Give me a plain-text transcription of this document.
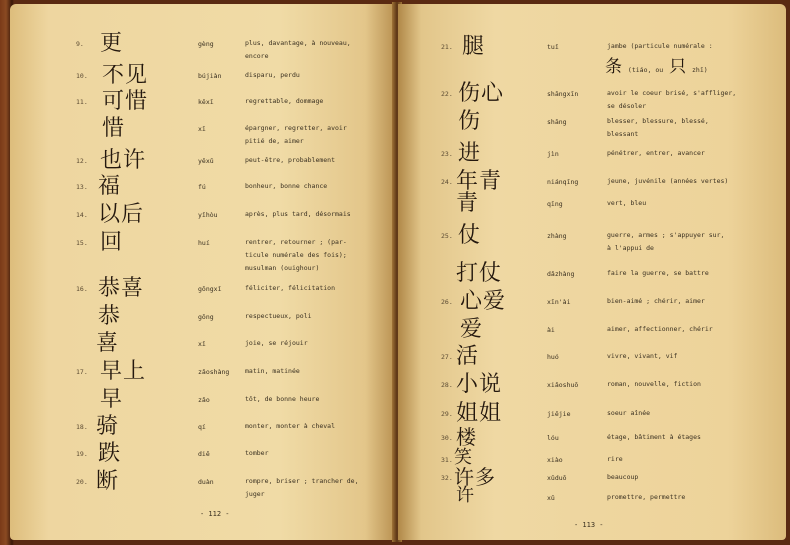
- 112 -
9. 更	gèng	plus, davantage, à nouveau,
encore
10. 不见	bújiàn	disparu, perdu
11. 可惜	kěxī	regrettable, dommage
惜	xī	épargner, regretter, avoir
pitié de, aimer
12. 也许	yěxǔ	peut-être, probablement
13. 福	fú	bonheur, bonne chance
14. 以后	yǐhòu	après, plus tard, désormais
15. 回	huí	rentrer, retourner ; (par-
ticule numérale des fois);
musulman (ouighour)
16. 恭喜	gōngxǐ	féliciter, félicitation
恭	gōng	respectueux, poli
喜	xǐ	joie, se réjouir
17. 早上	zǎoshàng matin, matinée
早	zǎo	tôt, de bonne heure
18. 骑	qí	monter, monter à cheval
19. 跌	diē	tomber
20. 断	duàn	rompre, briser ; trancher de,
juger
- 113 -
21. 腿	tuǐ	jambe (particule numérale :
条 (tiáo, ou 只 zhī)
22. 伤心	shāngxīn	avoir le coeur brisé, s'affliger,
se désoler
伤	shāng	blesser, blessure, blessé,
blessant
23. 进	jìn	pénétrer, entrer, avancer
24. 年青	niánqīng	jeune, juvénile (années vertes)
青	qīng	vert, bleu
25. 仗	zhàng	guerre, armes ; s'appuyer sur,
à l'appui de
打仗	dǎzhàng	faire la guerre, se battre
26. 心爱	xīn'ài	bien-aimé ; chérir, aimer
爱	ài	aimer, affectionner, chérir
27. 活	huó	vivre, vivant, vif
28. 小说	xiǎoshuō	roman, nouvelle, fiction
29. 姐姐	jiějie	soeur aînée
30. 楼	lóu	étage, bâtiment à étages
31. 笑	xiào	rire
32. 许多	xǔduō	beaucoup
许	xǔ	promettre, permettre
